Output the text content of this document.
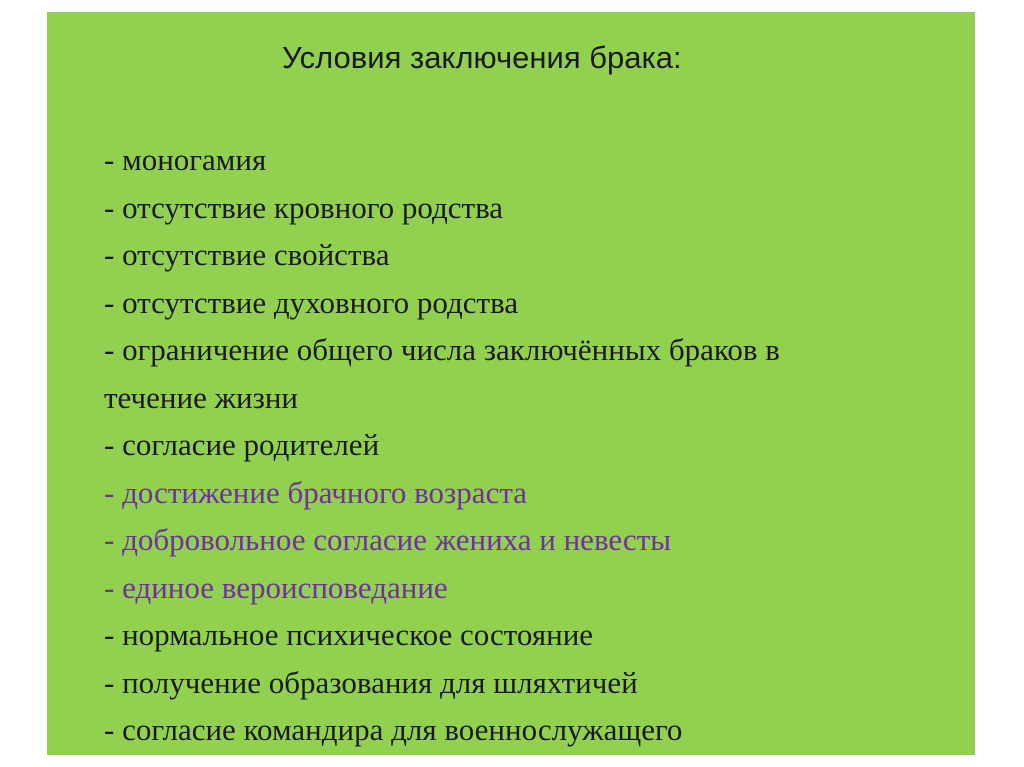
Условия заключения брака:
- моногамия
- отсутствие кровного родства
- отсутствие свойства
- отсутствие духовного родства
- ограничение общего числа заключённых браков в
течение жизни
- согласие родителей
- достижение брачного возраста
- добровольное согласие жениха и невесты
- единое вероисповедание
- нормальное психическое состояние
- получение образования для шляхтичей
- согласие командира для военнослужащего
